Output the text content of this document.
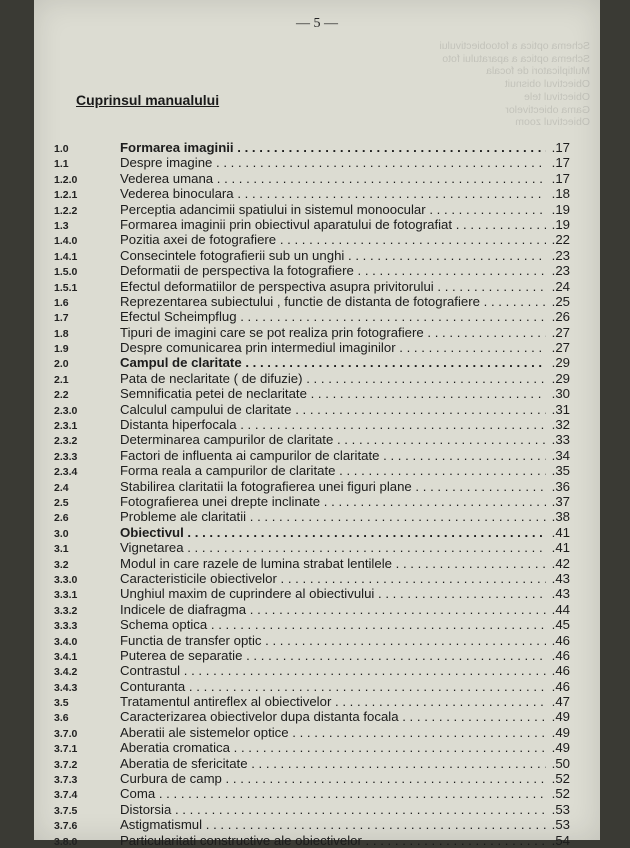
— 5 —
Schema optica a fotoobiectivului
Schema optica a aparatului foto
Multiplicatori de focala
Obiectivul obisnuit
Obiectivul tele
Gama obiectivelor
Obiectivul zoom
Cuprinsul manualului
1.0	Formarea imaginii . . .	.17
1.1	Despre imagine . . .	.17
1.2.0	Vederea umana . . .	.17
1.2.1	Vederea binoculara . . .	.18
1.2.2	Perceptia adancimii spatiului in sistemul monoocular . . .	.19
1.3	Formarea imaginii prin obiectivul aparatului de fotografiat . . .	.19
1.4.0	Pozitia axei de fotografiere . . .	.22
1.4.1	Consecintele fotografierii sub un unghi . . .	.23
1.5.0	Deformatii de perspectiva la fotografiere . . .	.23
1.5.1	Efectul deformatiilor de perspectiva asupra privitorului . . .	.24
1.6	Reprezentarea subiectului , functie de distanta de fotografiere . . .	.25
1.7	Efectul Scheimpflug . . .	.26
1.8	Tipuri de imagini care se pot realiza prin fotografiere . . .	.27
1.9	Despre comunicarea prin intermediul imaginilor . . .	.27
2.0	Campul de claritate . . .	.29
2.1	Pata de neclaritate ( de difuzie) . . .	.29
2.2	Semnificatia petei de neclaritate . . .	.30
2.3.0	Calculul campului de claritate . . .	.31
2.3.1	Distanta hiperfocala . . .	.32
2.3.2	Determinarea campurilor de claritate . . .	.33
2.3.3	Factori de influenta ai campurilor de claritate . . .	.34
2.3.4	Forma reala a campurilor de claritate . . .	.35
2.4	Stabilirea claritatii la fotografierea unei figuri plane . . .	.36
2.5	Fotografierea unei drepte inclinate . . .	.37
2.6	Probleme ale claritatii . . .	.38
3.0	Obiectivul . . .	.41
3.1	Vignetarea . . .	.41
3.2	Modul in care razele de lumina strabat lentilele . . .	.42
3.3.0	Caracteristicile obiectivelor . . .	.43
3.3.1	Unghiul maxim de cuprindere al obiectivului . . .	.43
3.3.2	Indicele de diafragma . . .	.44
3.3.3	Schema optica . . .	.45
3.4.0	Functia de transfer optic . . .	.46
3.4.1	Puterea de separatie . . .	.46
3.4.2	Contrastul . . .	.46
3.4.3	Conturanta . . .	.46
3.5	Tratamentul antireflex al obiectivelor . . .	.47
3.6	Caracterizarea obiectivelor dupa distanta focala . . .	.49
3.7.0	Aberatii ale sistemelor optice . . .	.49
3.7.1	Aberatia cromatica . . .	.49
3.7.2	Aberatia de sfericitate . . .	.50
3.7.3	Curbura de camp . . .	.52
3.7.4	Coma . . .	.52
3.7.5	Distorsia . . .	.53
3.7.6	Astigmatismul . . .	.53
3.8.0	Particularitati constructive ale obiectivelor . . .	.54
